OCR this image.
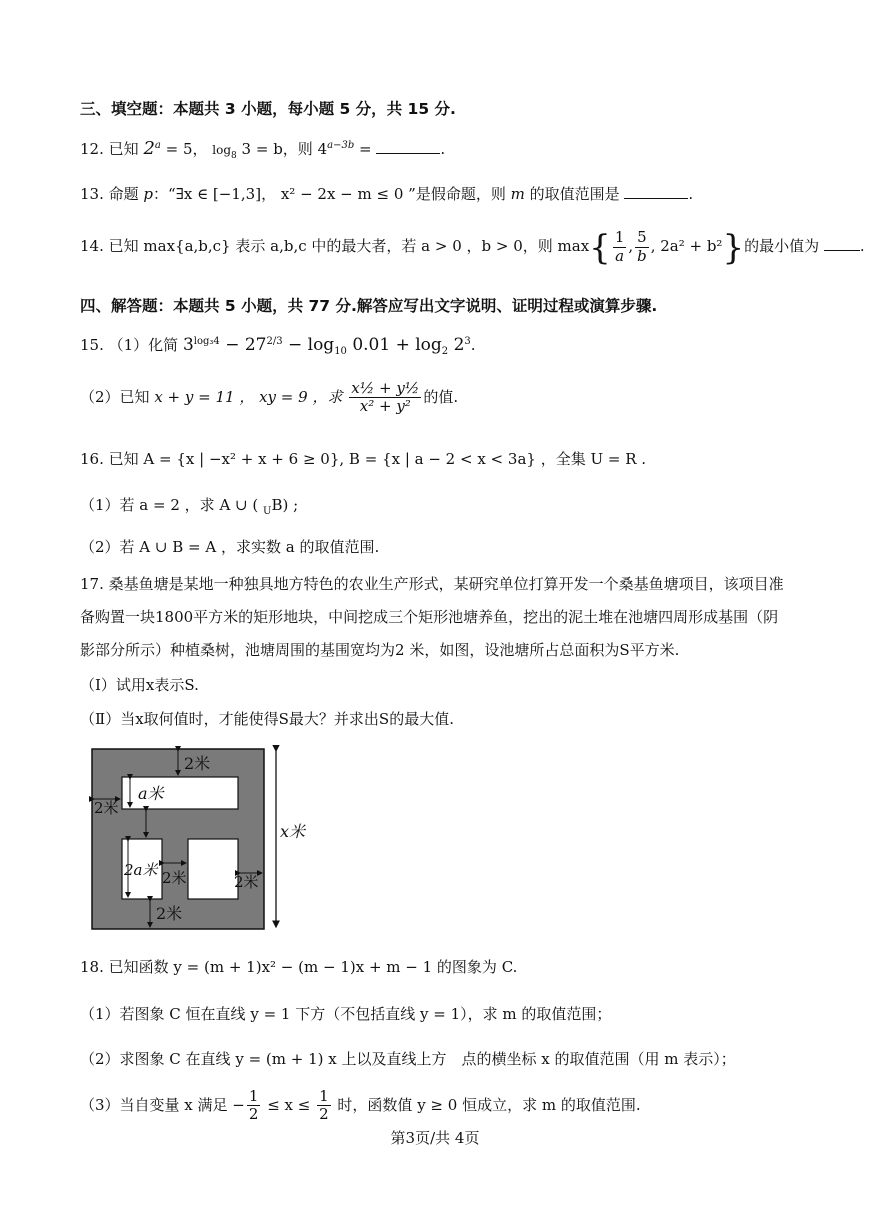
三、填空题：本题共 3 小题，每小题 5 分，共 15 分.
12. 已知 $2^a = 5$， $\log_8 3 = b$，则 $4^{a-3b}$ =	.
13. 命题 p：“∃x ∈ [−1,3]， x² − 2x − m ≤ 0 ”是假命题，则 m 的取值范围是	.
14. 已知 max{a,b,c} 表示 a,b,c 中的最大者，若 a > 0 ，b > 0，则 $\max\{ \frac{1}{a}$ , $\frac{5}{b}$ , 2a² + b²}的最小值为	.
四、解答题：本题共 5 小题，共 77 分.解答应写出文字说明、证明过程或演算步骤.
15. （1）化简 $3^{log_34} - 27^{2/3} - \log_{10} 0.01 + \log_2 2^3$.
（2）已知 x + y = 11 ， xy = 9 ，求 $\frac{\text{x½ + y½}}{\text{x² + y²}}$ 的值.
16. 已知 A = {x | −x² + x + 6 ≥ 0}, B = {x | a − 2 < x < 3a} ，全集 U = R .
（1）若 a = 2 ，求 A ∪ ( $_U$B) ;
（2）若 A ∪ B = A ，求实数 a 的取值范围.
17. 桑基鱼塘是某地一种独具地方特色的农业生产形式，某研究单位打算开发一个桑基鱼塘项目，该项目准
备购置一块1800平方米的矩形地块，中间挖成三个矩形池塘养鱼，挖出的泥土堆在池塘四周形成基围（阴
影部分所示）种植桑树，池塘周围的基围宽均为2 米，如图，设池塘所占总面积为S平方米.
（Ⅰ）试用x表示S.
（Ⅱ）当x取何值时，才能使得S最大？并求出S的最大值.
2米
2米
a米
2a米 2米	2米
2米
x米
18. 已知函数 y = (m + 1)x² − (m − 1)x + m − 1 的图象为 C.
（1）若图象 C 恒在直线 y = 1 下方（不包括直线 y = 1），求 m 的取值范围；
（2）求图象 C 在直线 y = (m + 1) x 上以及直线上方　点的横坐标 x 的取值范围（用 m 表示）；
（3）当自变量 x 满足 − $\frac{1}{2} \le x \le \frac{1}{2}$ 时，函数值 y ≥ 0 恒成立，求 m 的取值范围.
第3页/共 4页
